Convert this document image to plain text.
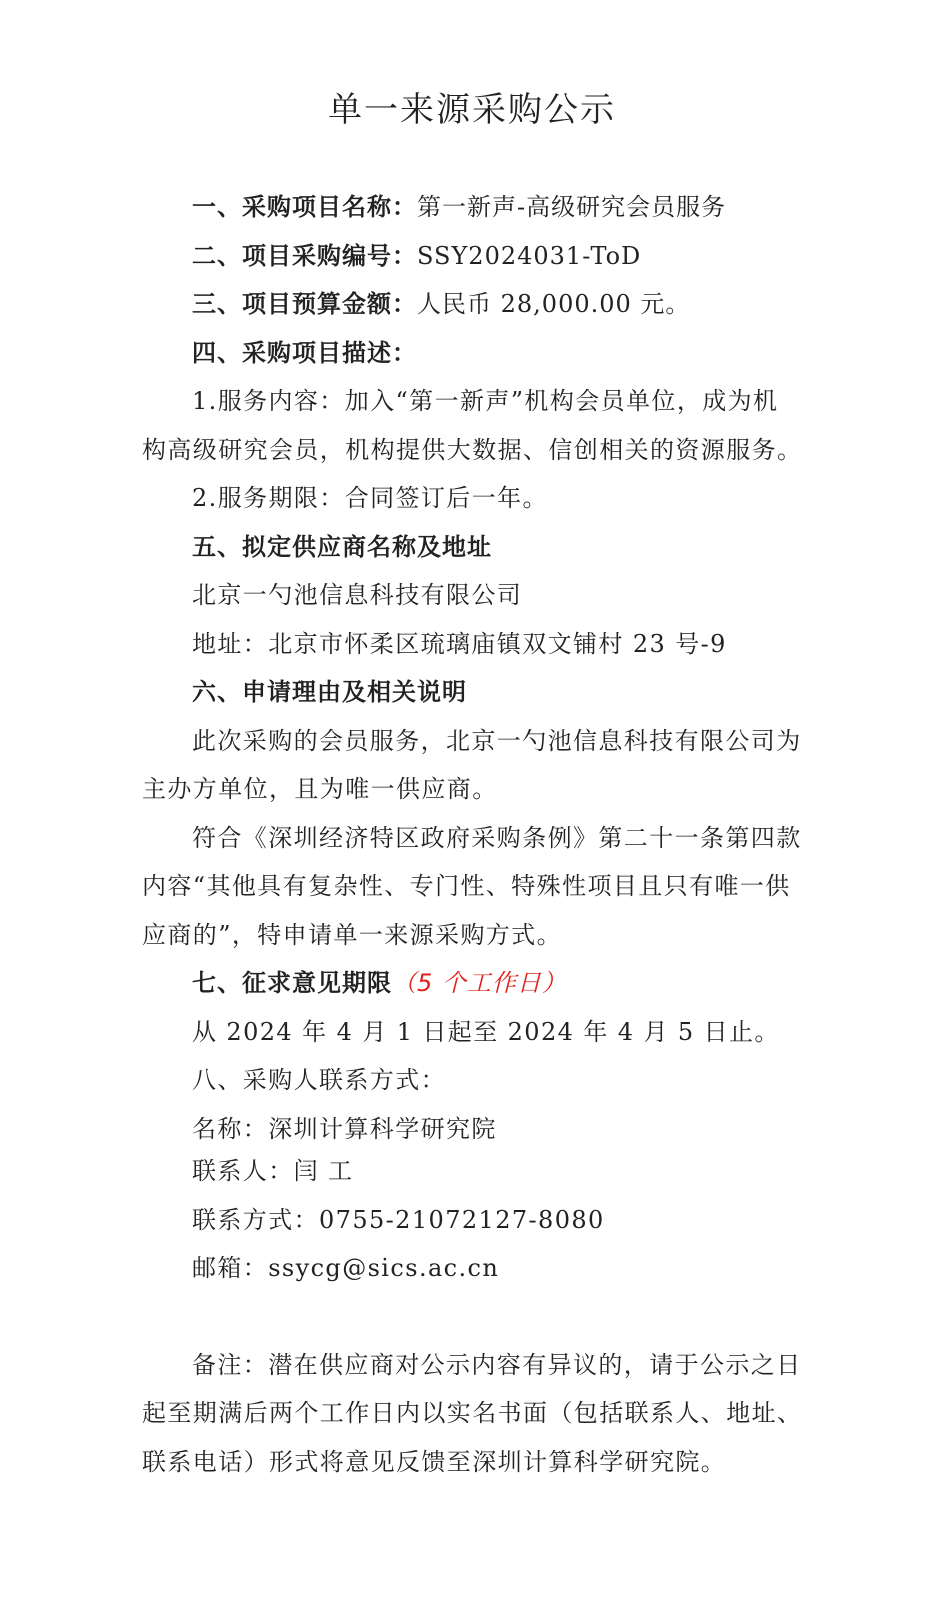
单一来源采购公示
一、采购项目名称：第一新声-高级研究会员服务
二、项目采购编号：SSY2024031-ToD
三、项目预算金额：人民币 28,000.00 元。
四、采购项目描述：
1.服务内容：加入“第一新声”机构会员单位，成为机
构高级研究会员，机构提供大数据、信创相关的资源服务。
2.服务期限：合同签订后一年。
五、拟定供应商名称及地址
北京一勺池信息科技有限公司
地址：北京市怀柔区琉璃庙镇双文铺村 23 号-9
六、申请理由及相关说明
此次采购的会员服务，北京一勺池信息科技有限公司为
主办方单位，且为唯一供应商。
符合《深圳经济特区政府采购条例》第二十一条第四款
内容“其他具有复杂性、专门性、特殊性项目且只有唯一供
应商的”，特申请单一来源采购方式。
七、征求意见期限（5 个工作日）
从 2024 年 4 月 1 日起至 2024 年 4 月 5 日止。
八、采购人联系方式：
名称：深圳计算科学研究院
联系人：闫 工
联系方式：0755-21072127-8080
邮箱：ssycg@sics.ac.cn
备注：潜在供应商对公示内容有异议的，请于公示之日
起至期满后两个工作日内以实名书面（包括联系人、地址、
联系电话）形式将意见反馈至深圳计算科学研究院。
